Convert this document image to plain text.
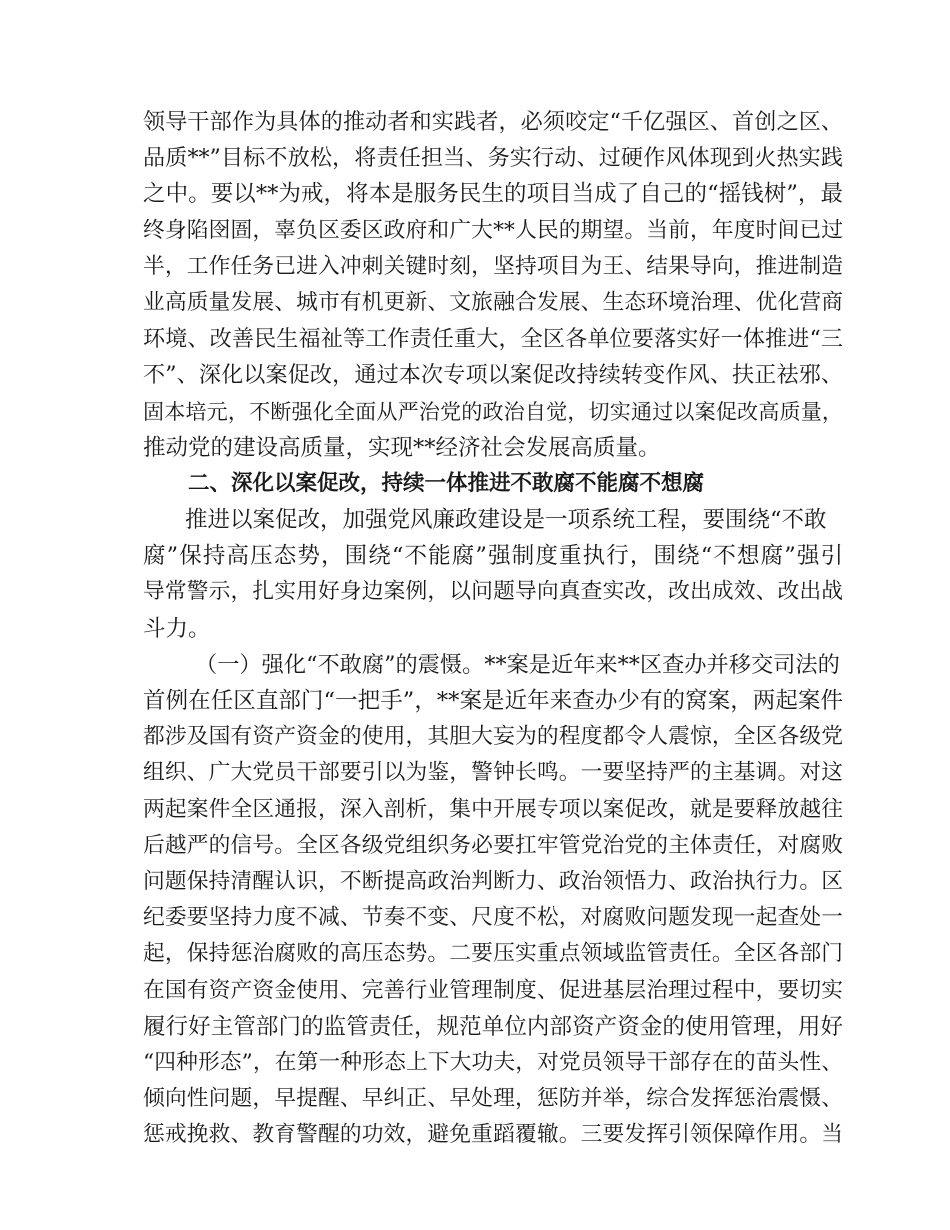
领导干部作为具体的推动者和实践者，必须咬定“千亿强区、首创之区、
品质**”目标不放松，将责任担当、务实行动、过硬作风体现到火热实践
之中。要以**为戒，将本是服务民生的项目当成了自己的“摇钱树”，最
终身陷囹圄，辜负区委区政府和广大**人民的期望。当前，年度时间已过
半，工作任务已进入冲刺关键时刻，坚持项目为王、结果导向，推进制造
业高质量发展、城市有机更新、文旅融合发展、生态环境治理、优化营商
环境、改善民生福祉等工作责任重大，全区各单位要落实好一体推进“三
不”、深化以案促改，通过本次专项以案促改持续转变作风、扶正祛邪、
固本培元，不断强化全面从严治党的政治自觉，切实通过以案促改高质量，
推动党的建设高质量，实现**经济社会发展高质量。
二、深化以案促改，持续一体推进不敢腐不能腐不想腐
推进以案促改，加强党风廉政建设是一项系统工程，要围绕“不敢
腐”保持高压态势，围绕“不能腐”强制度重执行，围绕“不想腐”强引
导常警示，扎实用好身边案例，以问题导向真查实改，改出成效、改出战
斗力。
（一）强化“不敢腐”的震慑。**案是近年来**区查办并移交司法的
首例在任区直部门“一把手”，**案是近年来查办少有的窝案，两起案件
都涉及国有资产资金的使用，其胆大妄为的程度都令人震惊，全区各级党
组织、广大党员干部要引以为鉴，警钟长鸣。一要坚持严的主基调。对这
两起案件全区通报，深入剖析，集中开展专项以案促改，就是要释放越往
后越严的信号。全区各级党组织务必要扛牢管党治党的主体责任，对腐败
问题保持清醒认识，不断提高政治判断力、政治领悟力、政治执行力。区
纪委要坚持力度不减、节奏不变、尺度不松，对腐败问题发现一起查处一
起，保持惩治腐败的高压态势。二要压实重点领域监管责任。全区各部门
在国有资产资金使用、完善行业管理制度、促进基层治理过程中，要切实
履行好主管部门的监管责任，规范单位内部资产资金的使用管理，用好
“四种形态”，在第一种形态上下大功夫，对党员领导干部存在的苗头性、
倾向性问题，早提醒、早纠正、早处理，惩防并举，综合发挥惩治震慑、
惩戒挽救、教育警醒的功效，避免重蹈覆辙。三要发挥引领保障作用。当
